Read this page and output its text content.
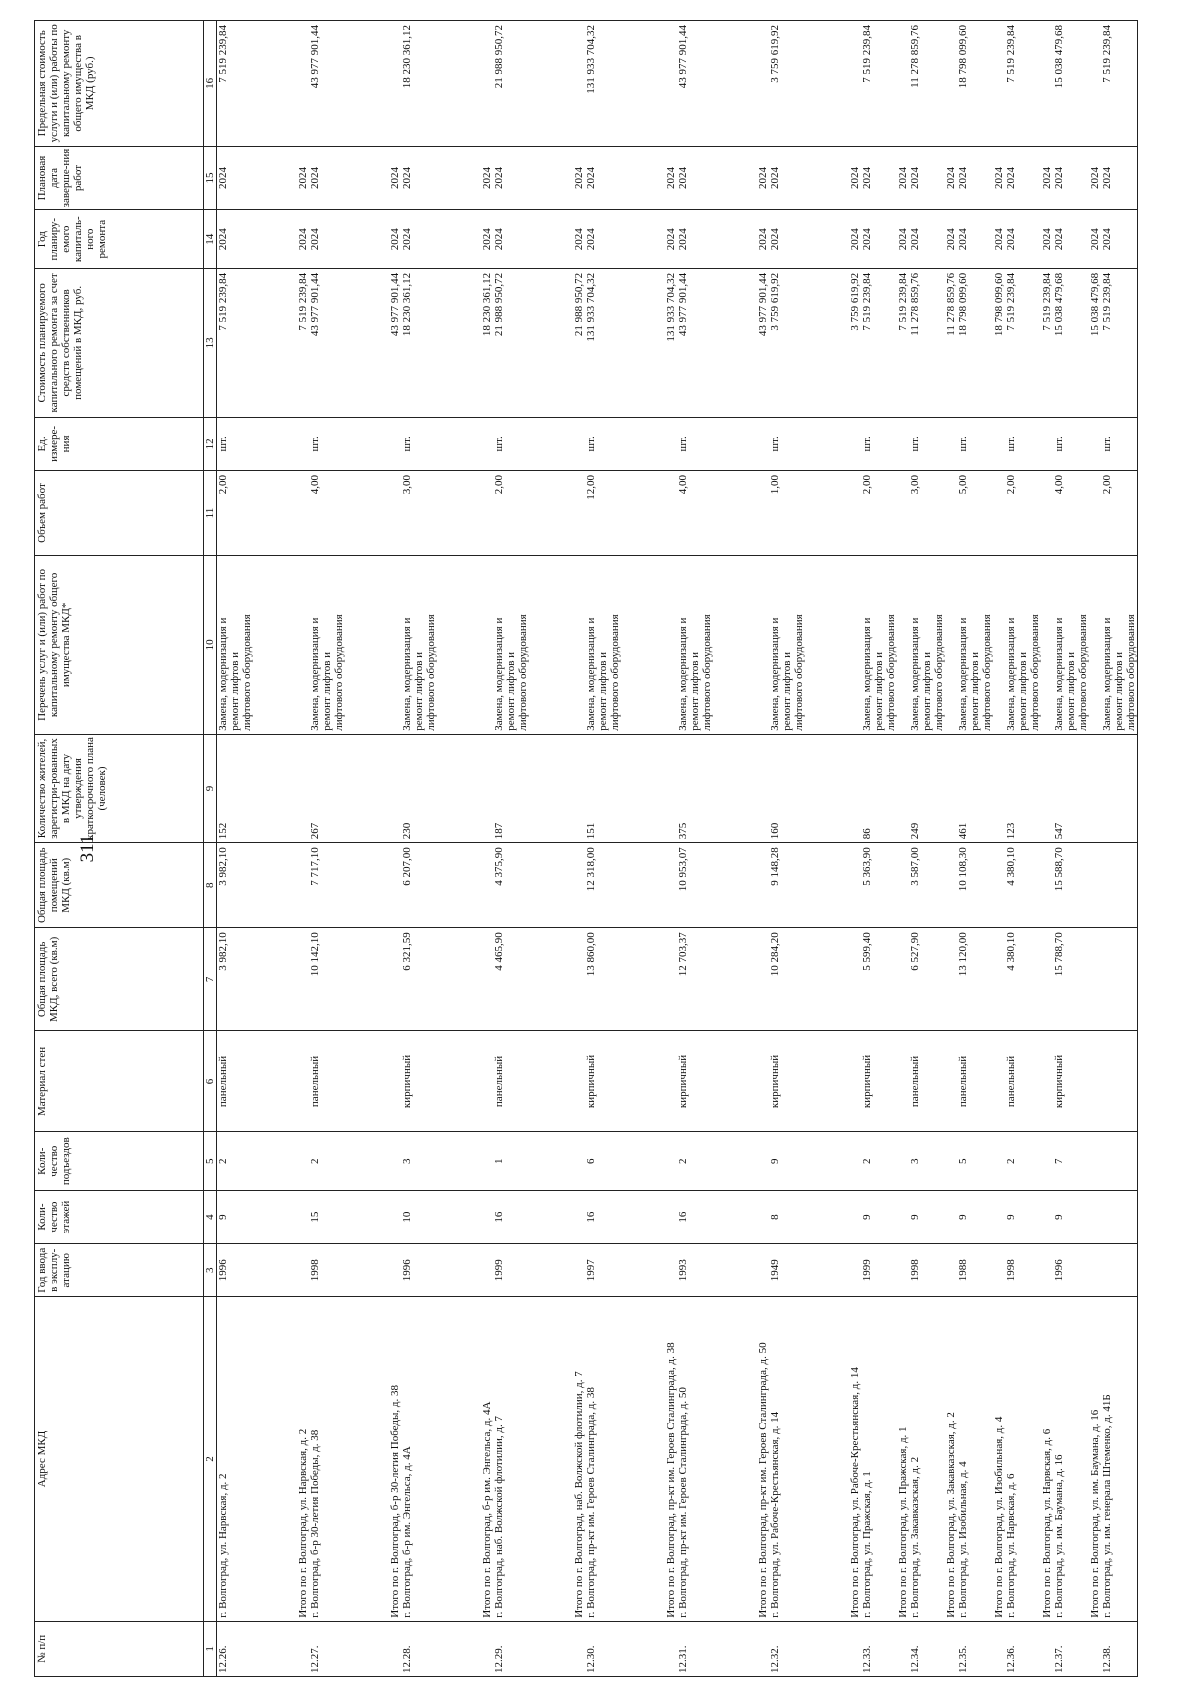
311
№ п/п	Адрес МКД	Год ввода в эксплу-атацию	Коли-чество этажей	Коли-чество подъездов	Материал стен	Общая площадь МКД, всего (кв.м)	Общая площадь помещений МКД (кв.м)	Количество жителей, зарегистри-рованных в МКД на дату утверждения краткосрочного плана (человек)	Перечень услуг и (или) работ по капитальному ремонту общего имущества МКД*	Объем работ	Ед. измере-ния	Стоимость планируемого капитального ремонта за счет средств собственников помещений в МКД, руб.	Год планиру-емого капиталь-ного ремонта	Плановая дата заверше-ния работ	Предельная стоимость услуги и (или) работы по капитальному ремонту общего имущества в МКД (руб.)
1	2	3	4	5	6	7	8	9	10	11	12	13	14	15	16
12.26.	г. Волгоград, ул. Нарвская, д. 2	1996	9	2	панельный	3 982,10	3 982,10	152	Замена, модернизация и	2,00	шт.	7 519 239,84	2024	2024	7 519 239,84
									ремонт лифтов и						
									лифтового оборудования						

	Итого по г. Волгоград, ул. Нарвская, д. 2											7 519 239,84	2024	2024	
12.27.	г. Волгоград, б-р 30-летия Победы, д. 38	1998	15	2	панельный	10 142,10	7 717,10	267	Замена, модернизация и	4,00	шт.	43 977 901,44	2024	2024	43 977 901,44
									ремонт лифтов и						
									лифтового оборудования						

	Итого по г. Волгоград, б-р 30-летия Победы, д. 38											43 977 901,44	2024	2024	
12.28.	г. Волгоград, б-р им. Энгельса, д. 4А	1996	10	3	кирпичный	6 321,59	6 207,00	230	Замена, модернизация и	3,00	шт.	18 230 361,12	2024	2024	18 230 361,12
									ремонт лифтов и						
									лифтового оборудования						

	Итого по г. Волгоград, б-р им. Энгельса, д. 4А											18 230 361,12	2024	2024	
12.29.	г. Волгоград, наб. Волжской флотилии, д. 7	1999	16	1	панельный	4 465,90	4 375,90	187	Замена, модернизация и	2,00	шт.	21 988 950,72	2024	2024	21 988 950,72
									ремонт лифтов и						
									лифтового оборудования						

	Итого по г. Волгоград, наб. Волжской флотилии, д. 7											21 988 950,72	2024	2024	
12.30.	г. Волгоград, пр-кт им. Героев Сталинграда, д. 38	1997	16	6	кирпичный	13 860,00	12 318,00	151	Замена, модернизация и	12,00	шт.	131 933 704,32	2024	2024	131 933 704,32
									ремонт лифтов и						
									лифтового оборудования						

	Итого по г. Волгоград, пр-кт им. Героев Сталинграда, д. 38											131 933 704,32	2024	2024	
12.31.	г. Волгоград, пр-кт им. Героев Сталинграда, д. 50	1993	16	2	кирпичный	12 703,37	10 953,07	375	Замена, модернизация и	4,00	шт.	43 977 901,44	2024	2024	43 977 901,44
									ремонт лифтов и						
									лифтового оборудования						

	Итого по г. Волгоград, пр-кт им. Героев Сталинграда, д. 50											43 977 901,44	2024	2024	
12.32.	г. Волгоград, ул. Рабоче-Крестьянская, д. 14	1949	8	9	кирпичный	10 284,20	9 148,28	160	Замена, модернизация и	1,00	шт.	3 759 619,92	2024	2024	3 759 619,92
									ремонт лифтов и						
									лифтового оборудования						

	Итого по г. Волгоград, ул. Рабоче-Крестьянская, д. 14											3 759 619,92	2024	2024	
12.33.	г. Волгоград, ул. Пражская, д. 1	1999	9	2	кирпичный	5 599,40	5 363,90	86	Замена, модернизация и	2,00	шт.	7 519 239,84	2024	2024	7 519 239,84
									ремонт лифтов и						
									лифтового оборудования						
	Итого по г. Волгоград, ул. Пражская, д. 1											7 519 239,84	2024	2024	
12.34.	г. Волгоград, ул. Закавказская, д. 2	1998	9	3	панельный	6 527,90	3 587,00	249	Замена, модернизация и	3,00	шт.	11 278 859,76	2024	2024	11 278 859,76
									ремонт лифтов и						
									лифтового оборудования						
	Итого по г. Волгоград, ул. Закавказская, д. 2											11 278 859,76	2024	2024	
12.35.	г. Волгоград, ул. Изобильная, д. 4	1988	9	5	панельный	13 120,00	10 108,30	461	Замена, модернизация и	5,00	шт.	18 798 099,60	2024	2024	18 798 099,60
									ремонт лифтов и						
									лифтового оборудования						
	Итого по г. Волгоград, ул. Изобильная, д. 4											18 798 099,60	2024	2024	
12.36.	г. Волгоград, ул. Нарвская, д. 6	1998	9	2	панельный	4 380,10	4 380,10	123	Замена, модернизация и	2,00	шт.	7 519 239,84	2024	2024	7 519 239,84
									ремонт лифтов и						
									лифтового оборудования						
	Итого по г. Волгоград, ул. Нарвская, д. 6											7 519 239,84	2024	2024	
12.37.	г. Волгоград, ул. им. Баумана, д. 16	1996	9	7	кирпичный	15 788,70	15 588,70	547	Замена, модернизация и	4,00	шт.	15 038 479,68	2024	2024	15 038 479,68
									ремонт лифтов и						
									лифтового оборудования						
	Итого по г. Волгоград, ул. им. Баумана, д. 16											15 038 479,68	2024	2024	
12.38.	г. Волгоград, ул. им. генерала Штеменко, д. 41Б								Замена, модернизация и	2,00	шт.	7 519 239,84	2024	2024	7 519 239,84
									ремонт лифтов и						
									лифтового оборудования						
